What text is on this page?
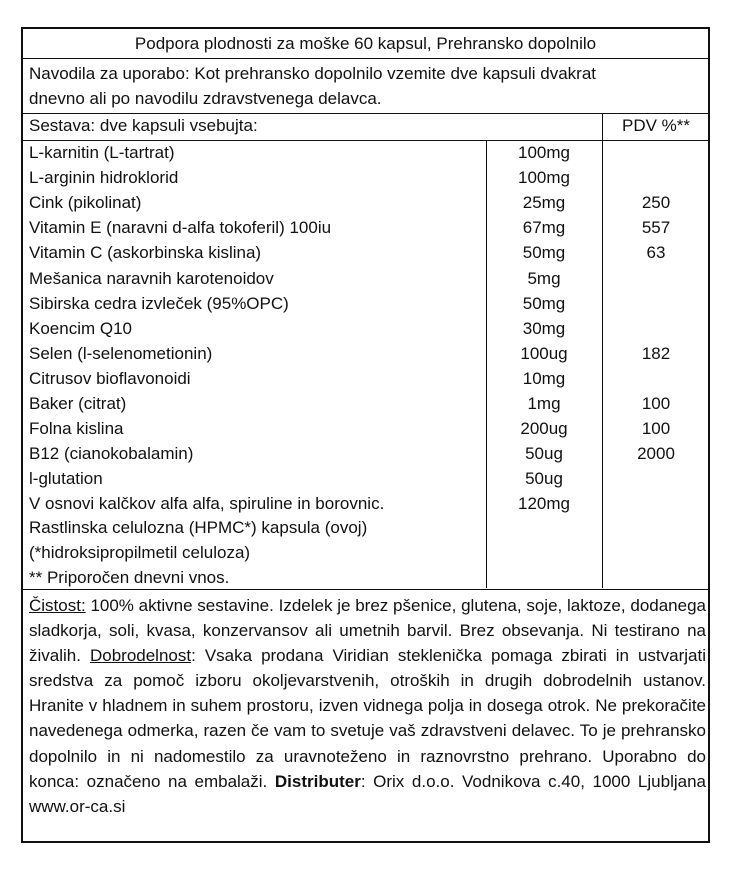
Podpora plodnosti za moške 60 kapsul, Prehransko dopolnilo
Navodila za uporabo: Kot prehransko dopolnilo vzemite dve kapsuli dvakrat
dnevno ali po navodilu zdravstvenega delavca.
Sestava: dve kapsuli vsebujta:	PDV %**
L-karnitin (L-tartrat)	100mg
L-arginin hidroklorid	100mg
Cink (pikolinat)	25mg	250
Vitamin E (naravni d-alfa tokoferil) 100iu	67mg	557
Vitamin C (askorbinska kislina)	50mg	63
Mešanica naravnih karotenoidov	5mg
Sibirska cedra izvleček (95%OPC)	50mg
Koencim Q10	30mg
Selen (l-selenometionin)	100ug	182
Citrusov bioflavonoidi	10mg
Baker (citrat)	1mg	100
Folna kislina	200ug	100
B12 (cianokobalamin)	50ug	2000
l-glutation	50ug
V osnovi kalčkov alfa alfa, spiruline in borovnic.	120mg
Rastlinska celulozna (HPMC*) kapsula (ovoj)
(*hidroksipropilmetil celuloza)
** Priporočen dnevni vnos.
Čistost: 100% aktivne sestavine. Izdelek je brez pšenice, glutena, soje, laktoze, dodanega sladkorja, soli, kvasa, konzervansov ali umetnih barvil. Brez obsevanja. Ni testirano na živalih. Dobrodelnost: Vsaka prodana Viridian steklenička pomaga zbirati in ustvarjati sredstva za pomoč izboru okoljevarstvenih, otroških in drugih dobrodelnih ustanov. Hranite v hladnem in suhem prostoru, izven vidnega polja in dosega otrok. Ne prekoračite navedenega odmerka, razen če vam to svetuje vaš zdravstveni delavec. To je prehransko dopolnilo in ni nadomestilo za uravnoteženo in raznovrstno prehrano. Uporabno do konca: označeno na embalaži. Distributer: Orix d.o.o. Vodnikova c.40, 1000 Ljubljana www.or-ca.si
